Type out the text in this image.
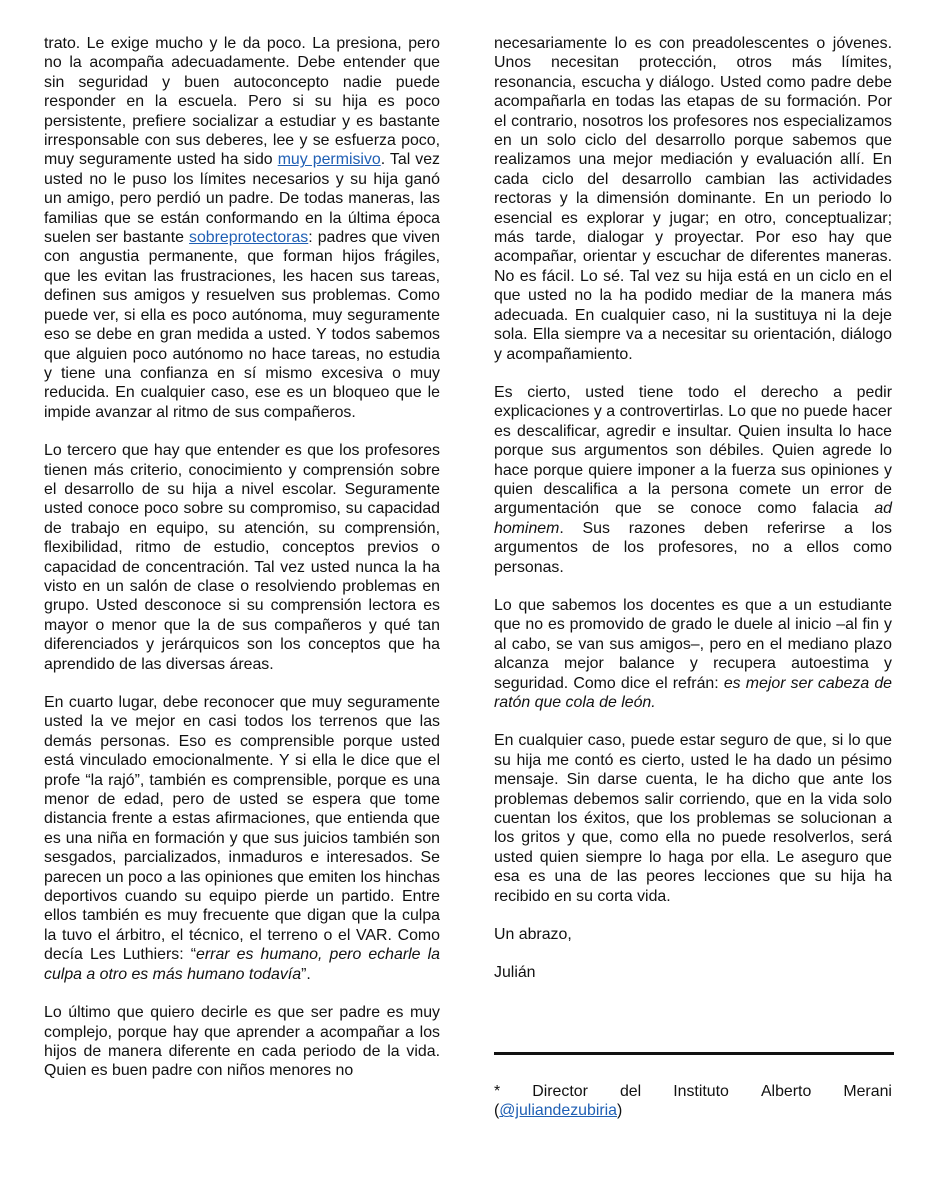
trato. Le exige mucho y le da poco. La presiona, pero no la acompaña adecuadamente. Debe entender que sin seguridad y buen autoconcepto nadie puede responder en la escuela. Pero si su hija es poco persistente, prefiere socializar a estudiar y es bastante irresponsable con sus deberes, lee y se esfuerza poco, muy seguramente usted ha sido muy permisivo. Tal vez usted no le puso los límites necesarios y su hija ganó un amigo, pero perdió un padre. De todas maneras, las familias que se están conformando en la última época suelen ser bastante sobreprotectoras: padres que viven con angustia permanente, que forman hijos frágiles, que les evitan las frustraciones, les hacen sus tareas, definen sus amigos y resuelven sus problemas. Como puede ver, si ella es poco autónoma, muy seguramente eso se debe en gran medida a usted. Y todos sabemos que alguien poco autónomo no hace tareas, no estudia y tiene una confianza en sí mismo excesiva o muy reducida. En cualquier caso, ese es un bloqueo que le impide avanzar al ritmo de sus compañeros.

Lo tercero que hay que entender es que los profesores tienen más criterio, conocimiento y comprensión sobre el desarrollo de su hija a nivel escolar. Seguramente usted conoce poco sobre su compromiso, su capacidad de trabajo en equipo, su atención, su comprensión, flexibilidad, ritmo de estudio, conceptos previos o capacidad de concentración. Tal vez usted nunca la ha visto en un salón de clase o resolviendo problemas en grupo. Usted desconoce si su comprensión lectora es mayor o menor que la de sus compañeros y qué tan diferenciados y jerárquicos son los conceptos que ha aprendido de las diversas áreas.

En cuarto lugar, debe reconocer que muy seguramente usted la ve mejor en casi todos los terrenos que las demás personas. Eso es comprensible porque usted está vinculado emocionalmente. Y si ella le dice que el profe “la rajó”, también es comprensible, porque es una menor de edad, pero de usted se espera que tome distancia frente a estas afirmaciones, que entienda que es una niña en formación y que sus juicios también son sesgados, parcializados, inmaduros e interesados. Se parecen un poco a las opiniones que emiten los hinchas deportivos cuando su equipo pierde un partido. Entre ellos también es muy frecuente que digan que la culpa la tuvo el árbitro, el técnico, el terreno o el VAR. Como decía Les Luthiers: “errar es humano, pero echarle la culpa a otro es más humano todavía”.

Lo último que quiero decirle es que ser padre es muy complejo, porque hay que aprender a acompañar a los hijos de manera diferente en cada periodo de la vida. Quien es buen padre con niños menores no

necesariamente lo es con preadolescentes o jóvenes. Unos necesitan protección, otros más límites, resonancia, escucha y diálogo. Usted como padre debe acompañarla en todas las etapas de su formación. Por el contrario, nosotros los profesores nos especializamos en un solo ciclo del desarrollo porque sabemos que realizamos una mejor mediación y evaluación allí. En cada ciclo del desarrollo cambian las actividades rectoras y la dimensión dominante. En un periodo lo esencial es explorar y jugar; en otro, conceptualizar; más tarde, dialogar y proyectar. Por eso hay que acompañar, orientar y escuchar de diferentes maneras. No es fácil. Lo sé. Tal vez su hija está en un ciclo en el que usted no la ha podido mediar de la manera más adecuada. En cualquier caso, ni la sustituya ni la deje sola. Ella siempre va a necesitar su orientación, diálogo y acompañamiento.

Es cierto, usted tiene todo el derecho a pedir explicaciones y a controvertirlas. Lo que no puede hacer es descalificar, agredir e insultar. Quien insulta lo hace porque sus argumentos son débiles. Quien agrede lo hace porque quiere imponer a la fuerza sus opiniones y quien descalifica a la persona comete un error de argumentación que se conoce como falacia ad hominem. Sus razones deben referirse a los argumentos de los profesores, no a ellos como personas.

Lo que sabemos los docentes es que a un estudiante que no es promovido de grado le duele al inicio –al fin y al cabo, se van sus amigos–, pero en el mediano plazo alcanza mejor balance y recupera autoestima y seguridad. Como dice el refrán: es mejor ser cabeza de ratón que cola de león.

En cualquier caso, puede estar seguro de que, si lo que su hija me contó es cierto, usted le ha dado un pésimo mensaje. Sin darse cuenta, le ha dicho que ante los problemas debemos salir corriendo, que en la vida solo cuentan los éxitos, que los problemas se solucionan a los gritos y que, como ella no puede resolverlos, será usted quien siempre lo haga por ella. Le aseguro que esa es una de las peores lecciones que su hija ha recibido en su corta vida.

Un abrazo,

Julián

* Director del Instituto Alberto Merani
(@juliandezubiria)
